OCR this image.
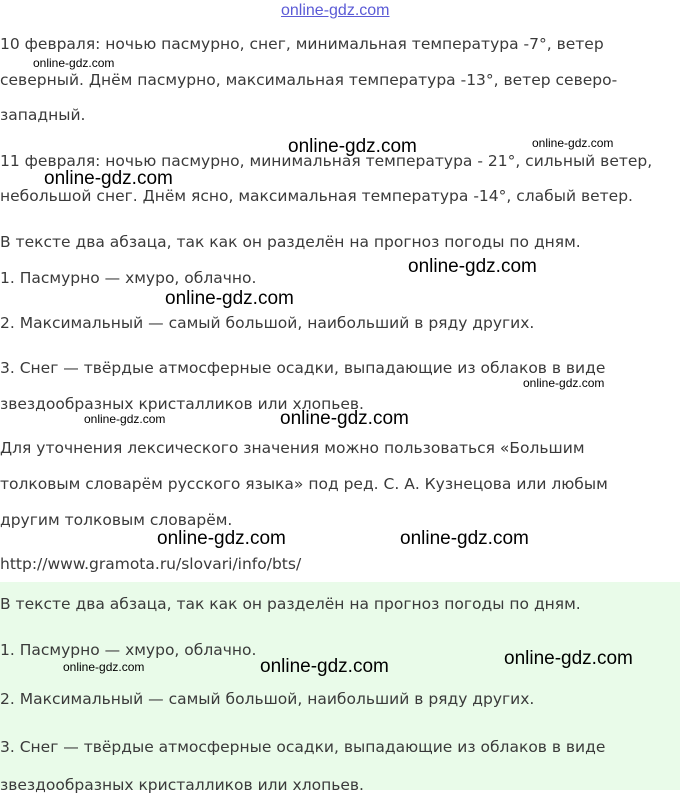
online-gdz.com
10 февраля: ночью пасмурно, снег, минимальная температура -7°, ветер
северный. Днём пасмурно, максимальная температура -13°, ветер северо-
западный.
11 февраля: ночью пасмурно, минимальная температура - 21°, сильный ветер,
небольшой снег. Днём ясно, максимальная температура -14°, слабый ветер.
В тексте два абзаца, так как он разделён на прогноз погоды по дням.
1. Пасмурно — хмуро, облачно.
2. Максимальный — самый большой, наибольший в ряду других.
3. Снег — твёрдые атмосферные осадки, выпадающие из облаков в виде
звездообразных кристалликов или хлопьев.
Для уточнения лексического значения можно пользоваться «Большим
толковым словарём русского языка» под ред. С. А. Кузнецова или любым
другим толковым словарём.
http://www.gramota.ru/slovari/info/bts/
В тексте два абзаца, так как он разделён на прогноз погоды по дням.
1. Пасмурно — хмуро, облачно.
2. Максимальный — самый большой, наибольший в ряду других.
3. Снег — твёрдые атмосферные осадки, выпадающие из облаков в виде
звездообразных кристалликов или хлопьев.
online-gdz.com
online-gdz.com	online-gdz.com
online-gdz.com
online-gdz.com
online-gdz.com
online-gdz.com
online-gdz.com	online-gdz.com
online-gdz.com	online-gdz.com
online-gdz.com
online-gdz.com	online-gdz.com
